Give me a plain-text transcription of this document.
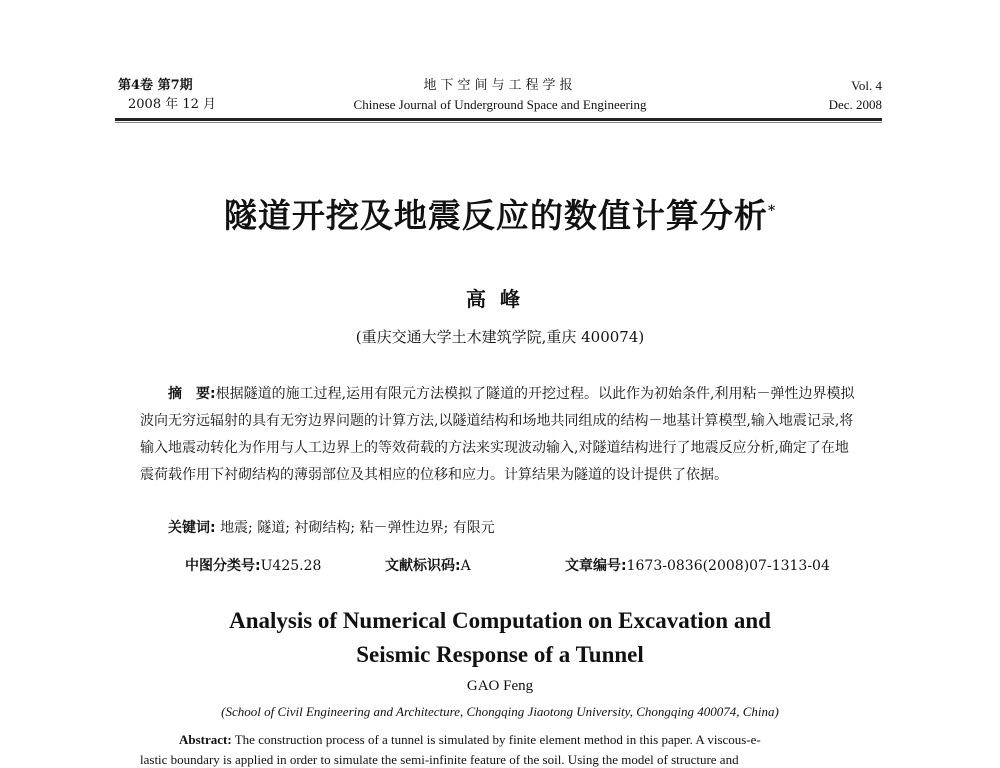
第4卷 第7期
2008 年 12 月
地下空间与工程学报
Chinese Journal of Underground Space and Engineering
Vol. 4
Dec. 2008
隧道开挖及地震反应的数值计算分析*
高峰
(重庆交通大学土木建筑学院,重庆 400074)
摘　要:根据隧道的施工过程,运用有限元方法模拟了隧道的开挖过程。以此作为初始条件,利用粘－弹性边界模拟波向无穷远辐射的具有无穷边界问题的计算方法,以隧道结构和场地共同组成的结构－地基计算模型,输入地震记录,将输入地震动转化为作用与人工边界上的等效荷载的方法来实现波动输入,对隧道结构进行了地震反应分析,确定了在地震荷载作用下衬砌结构的薄弱部位及其相应的位移和应力。计算结果为隧道的设计提供了依据。
关键词: 地震; 隧道; 衬砌结构; 粘－弹性边界; 有限元
中图分类号:U425.28	文献标识码:A	文章编号:1673-0836(2008)07-1313-04
Analysis of Numerical Computation on Excavation and
Seismic Response of a Tunnel
GAO Feng
(School of Civil Engineering and Architecture, Chongqing Jiaotong University, Chongqing 400074, China)
Abstract: The construction process of a tunnel is simulated by finite element method in this paper. A viscous-e-
lastic boundary is applied in order to simulate the semi-infinite feature of the soil. Using the model of structure and
